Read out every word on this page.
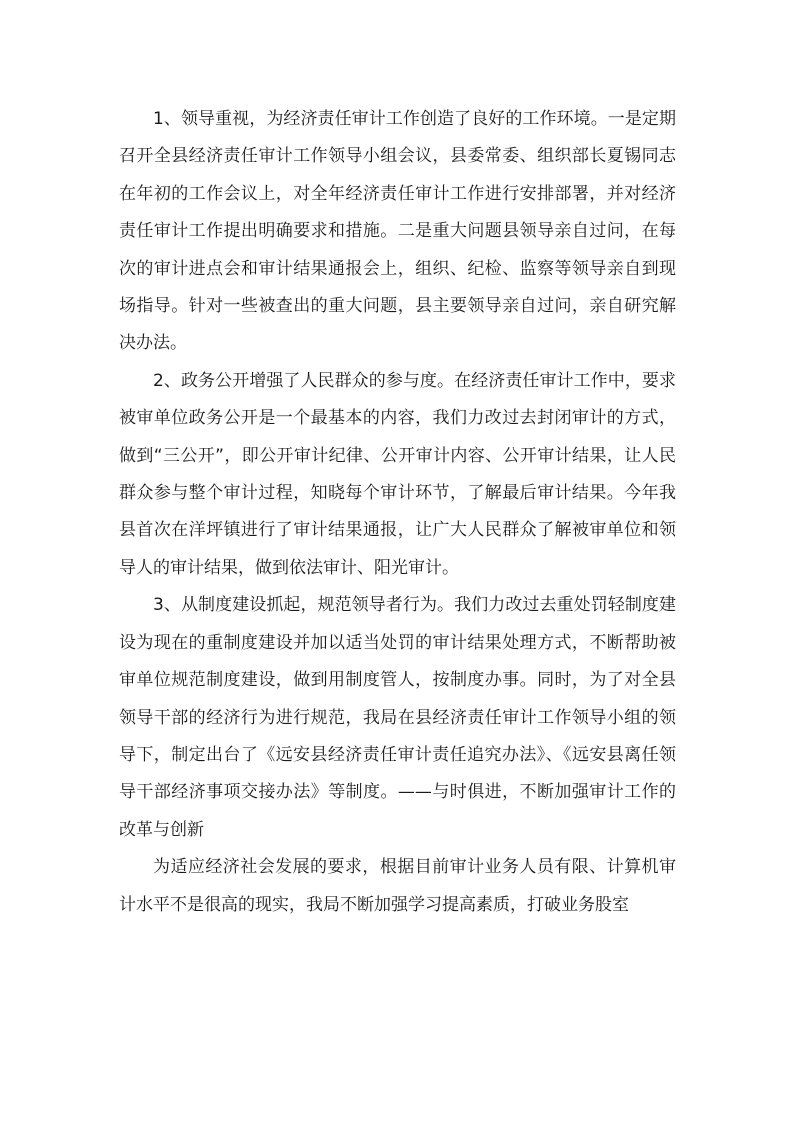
1、领导重视，为经济责任审计工作创造了良好的工作环境。一是定期召开全县经济责任审计工作领导小组会议，县委常委、组织部长夏锡同志在年初的工作会议上，对全年经济责任审计工作进行安排部署，并对经济责任审计工作提出明确要求和措施。二是重大问题县领导亲自过问，在每次的审计进点会和审计结果通报会上，组织、纪检、监察等领导亲自到现场指导。针对一些被查出的重大问题，县主要领导亲自过问，亲自研究解决办法。

2、政务公开增强了人民群众的参与度。在经济责任审计工作中，要求被审单位政务公开是一个最基本的内容，我们力改过去封闭审计的方式，做到“三公开”，即公开审计纪律、公开审计内容、公开审计结果，让人民群众参与整个审计过程，知晓每个审计环节，了解最后审计结果。今年我县首次在洋坪镇进行了审计结果通报，让广大人民群众了解被审单位和领导人的审计结果，做到依法审计、阳光审计。

3、从制度建设抓起，规范领导者行为。我们力改过去重处罚轻制度建设为现在的重制度建设并加以适当处罚的审计结果处理方式，不断帮助被审单位规范制度建设，做到用制度管人，按制度办事。同时，为了对全县领导干部的经济行为进行规范，我局在县经济责任审计工作领导小组的领导下，制定出台了《远安县经济责任审计责任追究办法》、《远安县离任领导干部经济事项交接办法》等制度。——与时俱进，不断加强审计工作的改革与创新

为适应经济社会发展的要求，根据目前审计业务人员有限、计算机审计水平不是很高的现实，我局不断加强学习提高素质，打破业务股室
